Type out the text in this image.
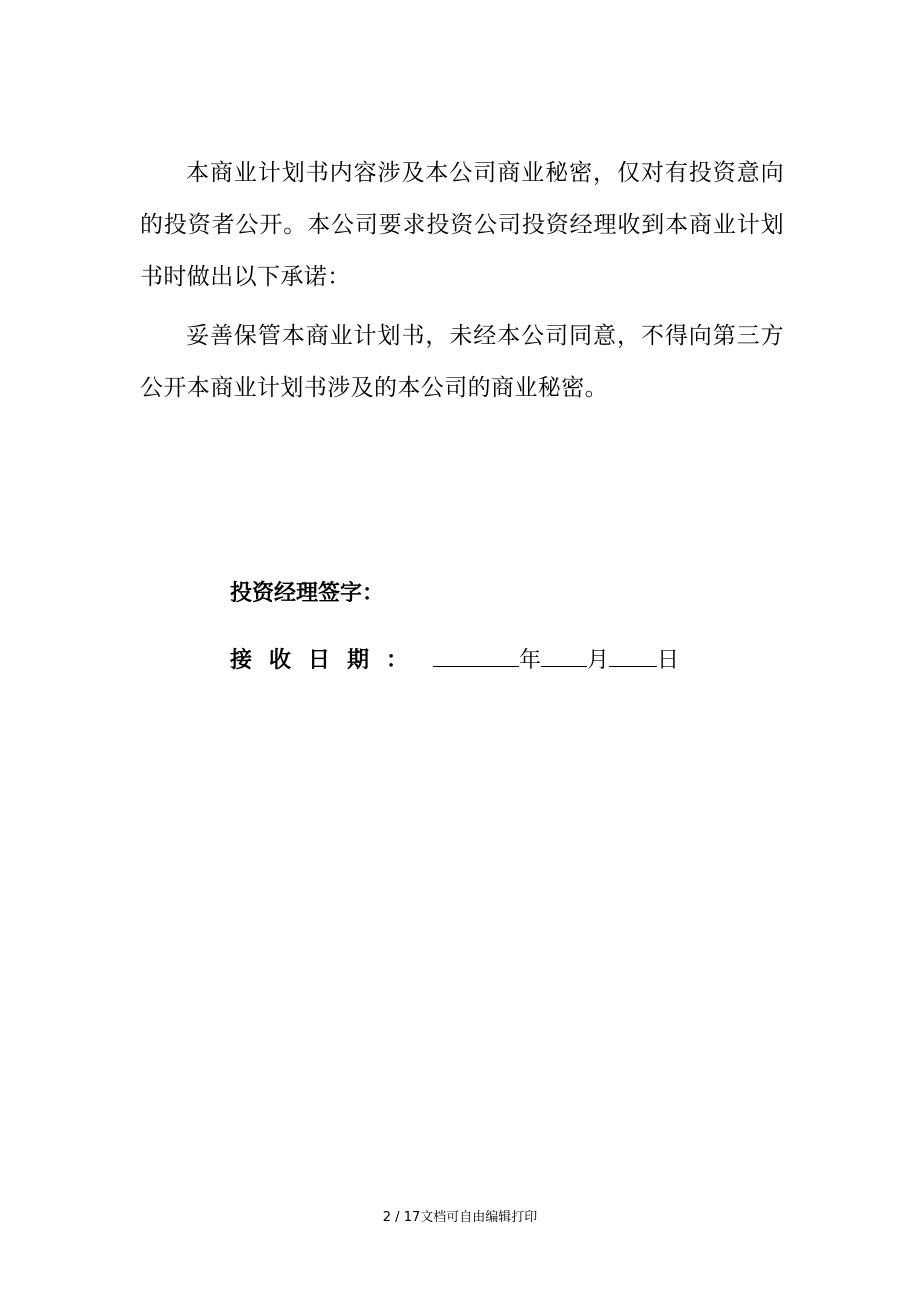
本商业计划书内容涉及本公司商业秘密，仅对有投资意向的投资者公开。本公司要求投资公司投资经理收到本商业计划书时做出以下承诺：

妥善保管本商业计划书，未经本公司同意，不得向第三方公开本商业计划书涉及的本公司的商业秘密。

投资经理签字：
接收日期：	年 月 日
2 / 17文档可自由编辑打印
